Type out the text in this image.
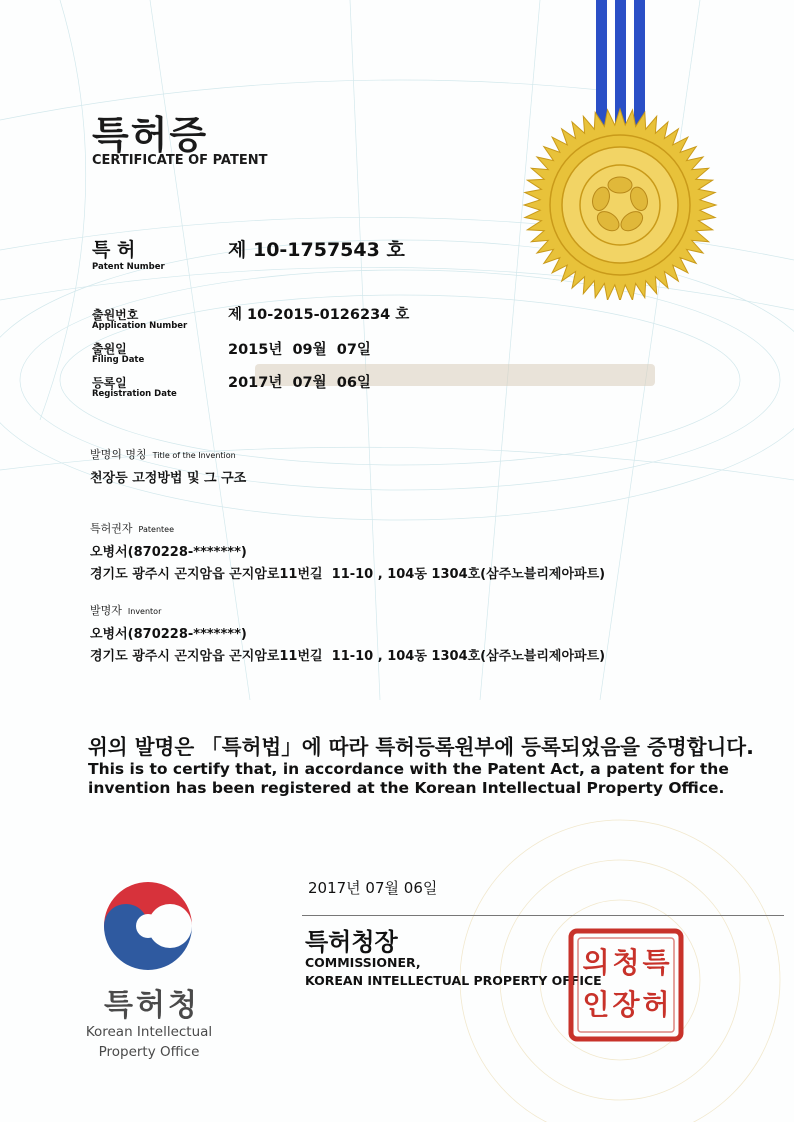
특허증
CERTIFICATE OF PATENT
특 허
Patent Number
제 10-1757543 호
출원번호
Application Number
제 10-2015-0126234 호
출원일
Filing Date
2015년  09월  07일
등록일
Registration Date
2017년  07월  06일
발명의 명칭 Title of the Invention
천장등 고정방법 및 그 구조
특허권자 Patentee
오병서(870228-*******)
경기도 광주시 곤지암읍 곤지암로11번길  11-10 , 104동 1304호(삼주노블리제아파트)
발명자 Inventor
오병서(870228-*******)
경기도 광주시 곤지암읍 곤지암로11번길  11-10 , 104동 1304호(삼주노블리제아파트)
위의 발명은 「특허법」에 따라 특허등록원부에 등록되었음을 증명합니다.
This is to certify that, in accordance with the Patent Act, a patent for the invention has been registered at the Korean Intellectual Property Office.
2017년 07월 06일
특허청장
COMMISSIONER,
KOREAN INTELLECTUAL PROPERTY OFFICE
특
허
청
장
의
인
특허청
Korean Intellectual
Property Office
